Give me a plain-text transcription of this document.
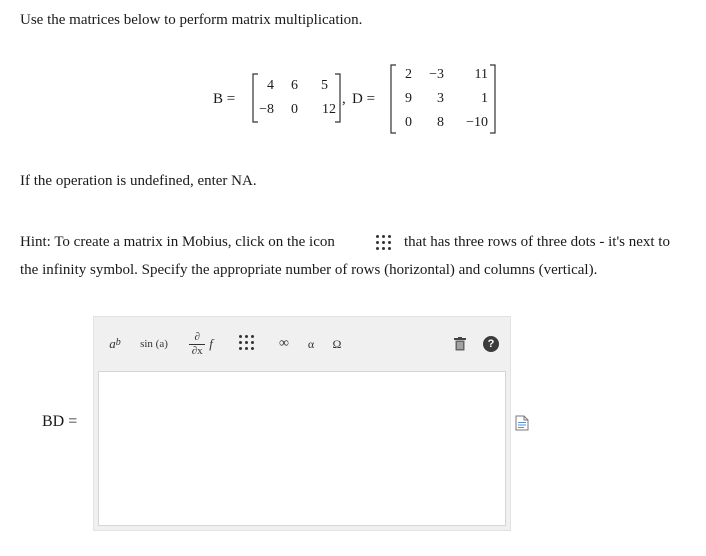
Use the matrices below to perform matrix multiplication.
B =
4	6	5
−8	0	12
, D =
2	−3	11
9	3	1
0	8 −10
If the operation is undefined, enter NA.
Hint: To create a matrix in Mobius, click on the icon	that has three rows of three dots - it's next to
the infinity symbol. Specify the appropriate number of rows (horizontal) and columns (vertical).
BD =
$a^b$	sin (a)
∂
∂x f	∞	α	Ω	?
